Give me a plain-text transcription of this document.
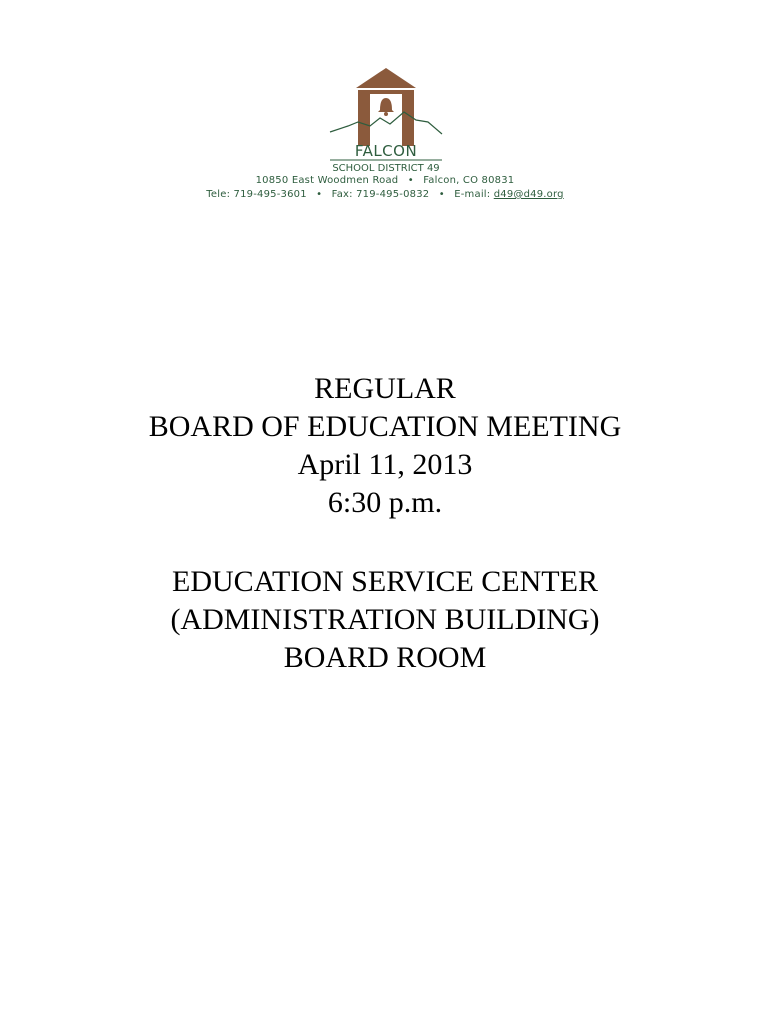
FALCON
SCHOOL DISTRICT 49
10850 East Woodmen Road • Falcon, CO 80831
Tele: 719-495-3601 • Fax: 719-495-0832 • E-mail: d49@d49.org
REGULAR
BOARD OF EDUCATION MEETING
April 11, 2013
6:30 p.m.
EDUCATION SERVICE CENTER
(ADMINISTRATION BUILDING)
BOARD ROOM
